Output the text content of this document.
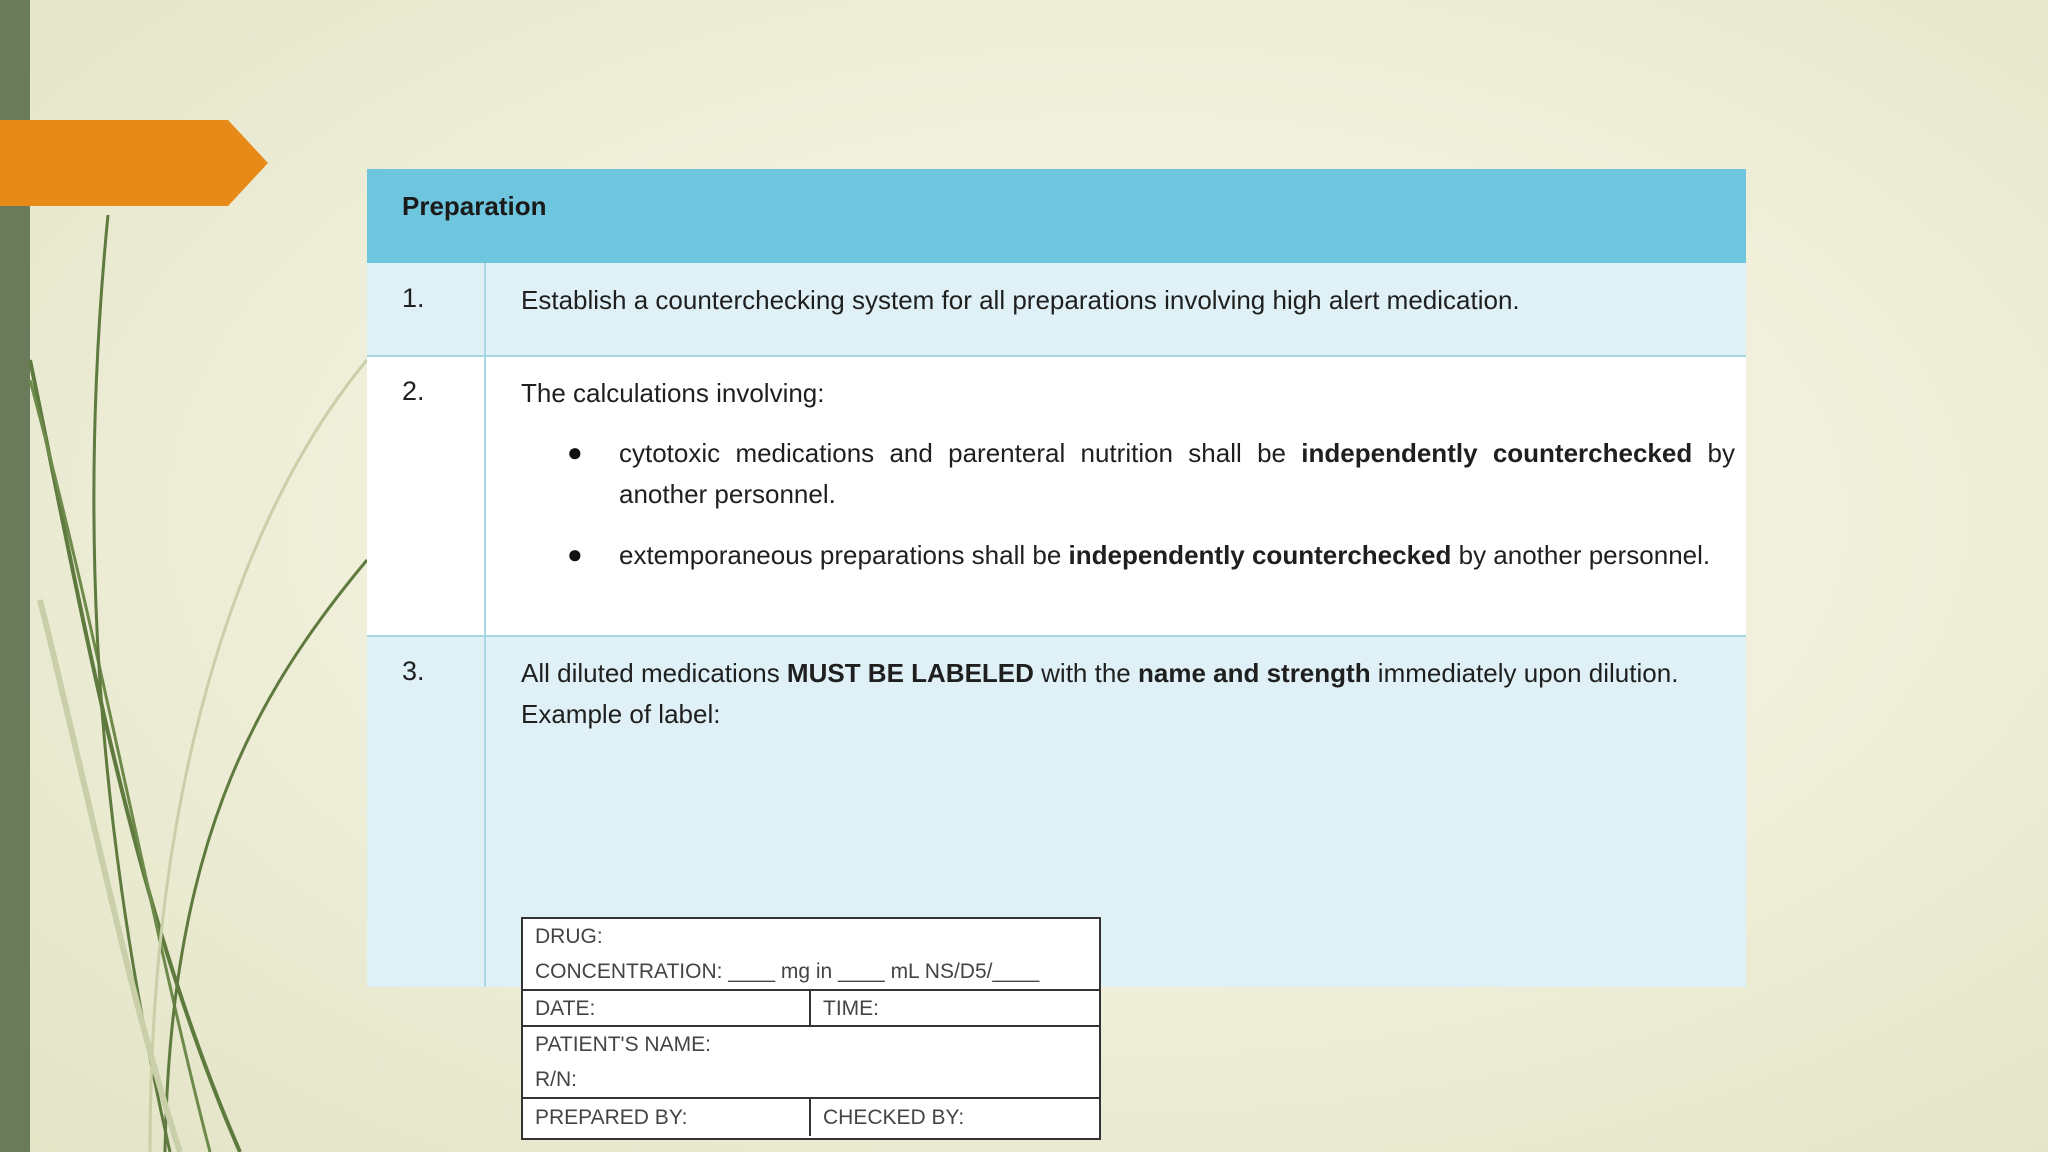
Preparation
1.	Establish a counterchecking system for all preparations involving high alert medication.
2.	The calculations involving:
● cytotoxic medications and parenteral nutrition shall be independently counterchecked by another personnel.
● extemporaneous preparations shall be independently counterchecked by another personnel.
3.	All diluted medications MUST BE LABELED with the name and strength immediately upon dilution. Example of label:
DRUG:
CONCENTRATION: ____ mg in ____ mL NS/D5/____
DATE:	TIME:
PATIENT'S NAME:
R/N:
PREPARED BY:	CHECKED BY:
